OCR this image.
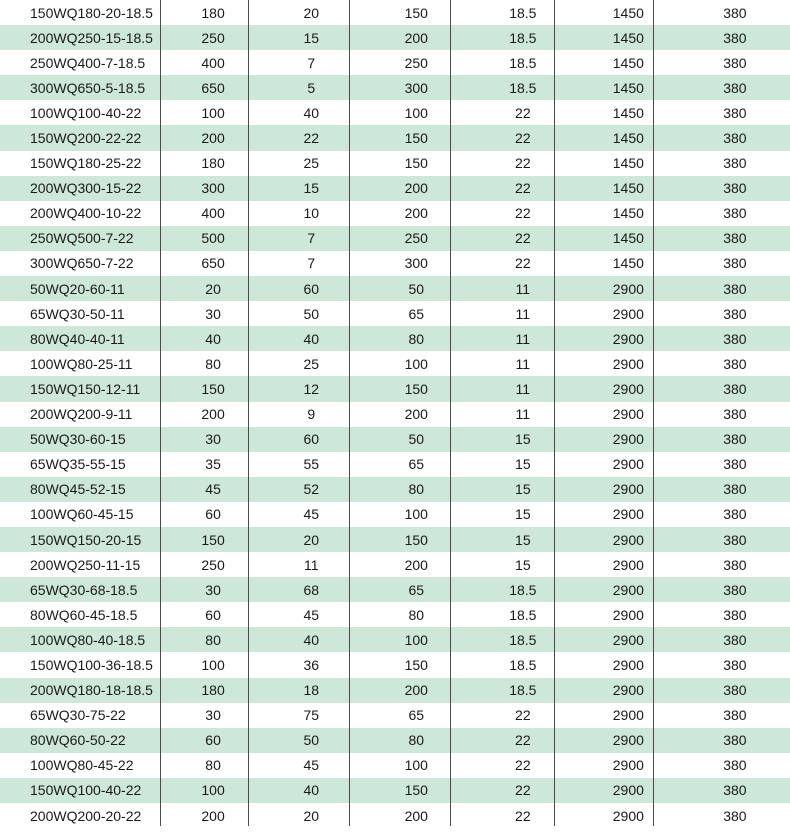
150WQ180-20-18.5	180	20	150	18.5	1450	380
200WQ250-15-18.5	250	15	200	18.5	1450	380
250WQ400-7-18.5	400	7	250	18.5	1450	380
300WQ650-5-18.5	650	5	300	18.5	1450	380
100WQ100-40-22	100	40	100	22	1450	380
150WQ200-22-22	200	22	150	22	1450	380
150WQ180-25-22	180	25	150	22	1450	380
200WQ300-15-22	300	15	200	22	1450	380
200WQ400-10-22	400	10	200	22	1450	380
250WQ500-7-22	500	7	250	22	1450	380
300WQ650-7-22	650	7	300	22	1450	380
50WQ20-60-11	20	60	50	11	2900	380
65WQ30-50-11	30	50	65	11	2900	380
80WQ40-40-11	40	40	80	11	2900	380
100WQ80-25-11	80	25	100	11	2900	380
150WQ150-12-11	150	12	150	11	2900	380
200WQ200-9-11	200	9	200	11	2900	380
50WQ30-60-15	30	60	50	15	2900	380
65WQ35-55-15	35	55	65	15	2900	380
80WQ45-52-15	45	52	80	15	2900	380
100WQ60-45-15	60	45	100	15	2900	380
150WQ150-20-15	150	20	150	15	2900	380
200WQ250-11-15	250	11	200	15	2900	380
65WQ30-68-18.5	30	68	65	18.5	2900	380
80WQ60-45-18.5	60	45	80	18.5	2900	380
100WQ80-40-18.5	80	40	100	18.5	2900	380
150WQ100-36-18.5	100	36	150	18.5	2900	380
200WQ180-18-18.5	180	18	200	18.5	2900	380
65WQ30-75-22	30	75	65	22	2900	380
80WQ60-50-22	60	50	80	22	2900	380
100WQ80-45-22	80	45	100	22	2900	380
150WQ100-40-22	100	40	150	22	2900	380
200WQ200-20-22	200	20	200	22	2900	380
